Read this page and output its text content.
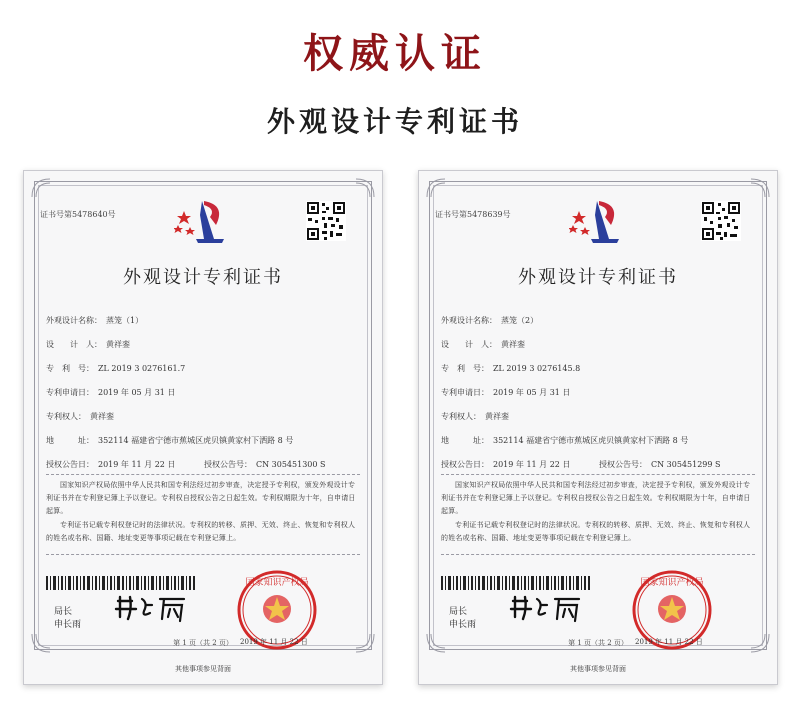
权威认证
外观设计专利证书
证书号第5478640号
外观设计专利证书
外观设计名称： 蒸笼（1）
设　　计　人： 黄祥銮
专　利　号： ZL 2019 3 0276161.7
专利申请日： 2019 年 05 月 31 日
专利权人： 黄祥銮
地　　　址： 352114 福建省宁德市蕉城区虎贝镇黄家村下洒路 8 号
授权公告日： 2019 年 11 月 22 日	授权公告号： CN 305451300 S
国家知识产权局依照中华人民共和国专利法经过初步审查，决定授予专利权，颁发外观设计专利证书并在专利登记簿上予以登记。专利权自授权公告之日起生效。专利权期限为十年，自申请日起算。
专利证书记载专利权登记时的法律状况。专利权的转移、质押、无效、终止、恢复和专利权人的姓名或名称、国籍、地址变更等事项记载在专利登记簿上。
局长
申长雨
国家知识产权局
2019 年 11 月 22 日
第 1 页（共 2 页）
其他事项参见背面
证书号第5478639号
外观设计专利证书
外观设计名称： 蒸笼（2）
设　　计　人： 黄祥銮
专　利　号： ZL 2019 3 0276145.8
专利申请日： 2019 年 05 月 31 日
专利权人： 黄祥銮
地　　　址： 352114 福建省宁德市蕉城区虎贝镇黄家村下洒路 8 号
授权公告日： 2019 年 11 月 22 日	授权公告号： CN 305451299 S
国家知识产权局依照中华人民共和国专利法经过初步审查，决定授予专利权，颁发外观设计专利证书并在专利登记簿上予以登记。专利权自授权公告之日起生效。专利权期限为十年，自申请日起算。
专利证书记载专利权登记时的法律状况。专利权的转移、质押、无效、终止、恢复和专利权人的姓名或名称、国籍、地址变更等事项记载在专利登记簿上。
局长
申长雨
国家知识产权局
2019 年 11 月 22 日
第 1 页（共 2 页）
其他事项参见背面
